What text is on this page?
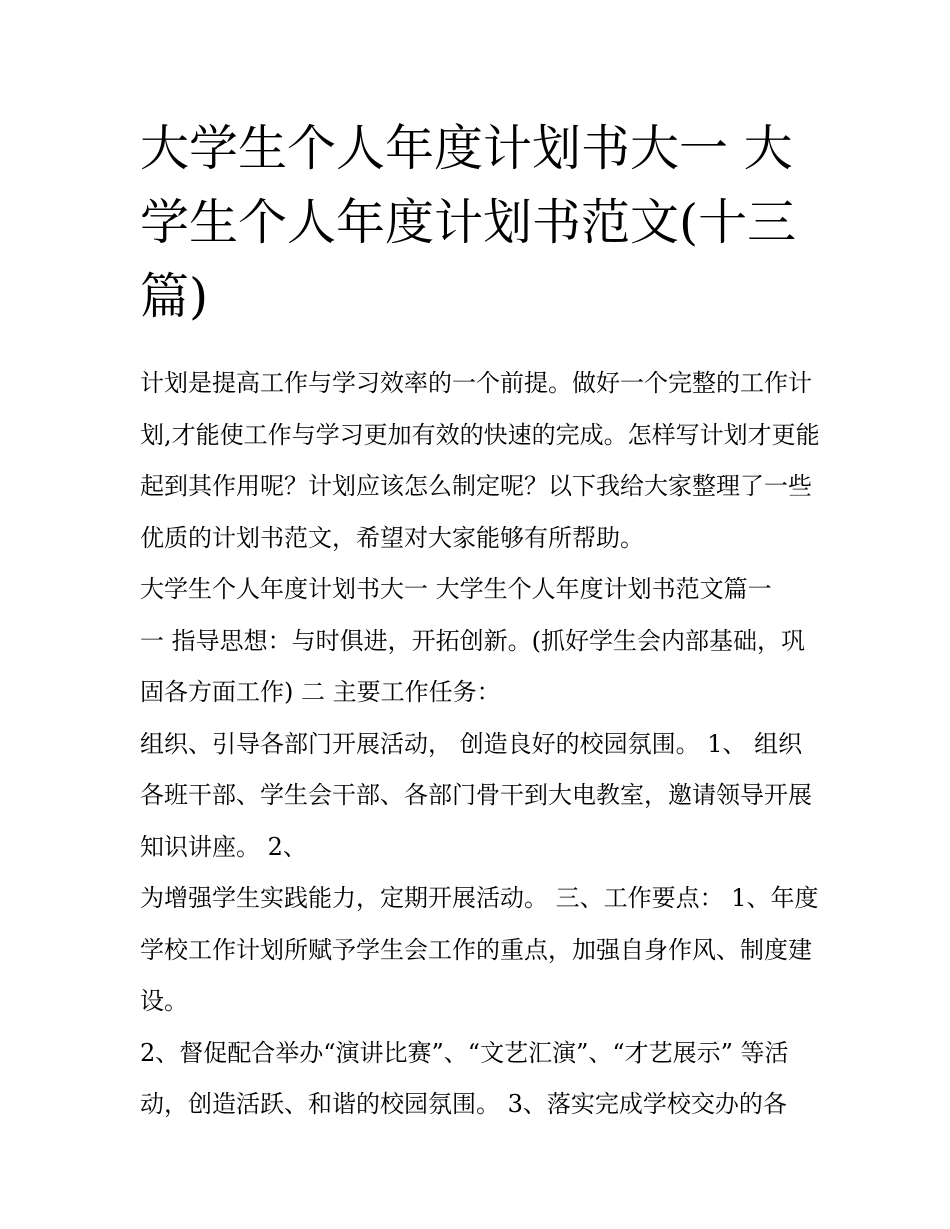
大学生个人年度计划书大一 大学生个人年度计划书范文(十三篇)

计划是提高工作与学习效率的一个前提。做好一个完整的工作计划,才能使工作与学习更加有效的快速的完成。怎样写计划才更能起到其作用呢？计划应该怎么制定呢？以下我给大家整理了一些优质的计划书范文，希望对大家能够有所帮助。

大学生个人年度计划书大一 大学生个人年度计划书范文篇一

一 指导思想：与时俱进，开拓创新。(抓好学生会内部基础，巩固各方面工作) 二 主要工作任务：

组织、引导各部门开展活动， 创造良好的校园氛围。 1、 组织各班干部、学生会干部、各部门骨干到大电教室，邀请领导开展知识讲座。 2、

为增强学生实践能力，定期开展活动。 三、工作要点： 1、年度学校工作计划所赋予学生会工作的重点，加强自身作风、制度建设。

2、督促配合举办“演讲比赛”、“文艺汇演”、“才艺展示” 等活动，创造活跃、和谐的校园氛围。 3、落实完成学校交办的各
